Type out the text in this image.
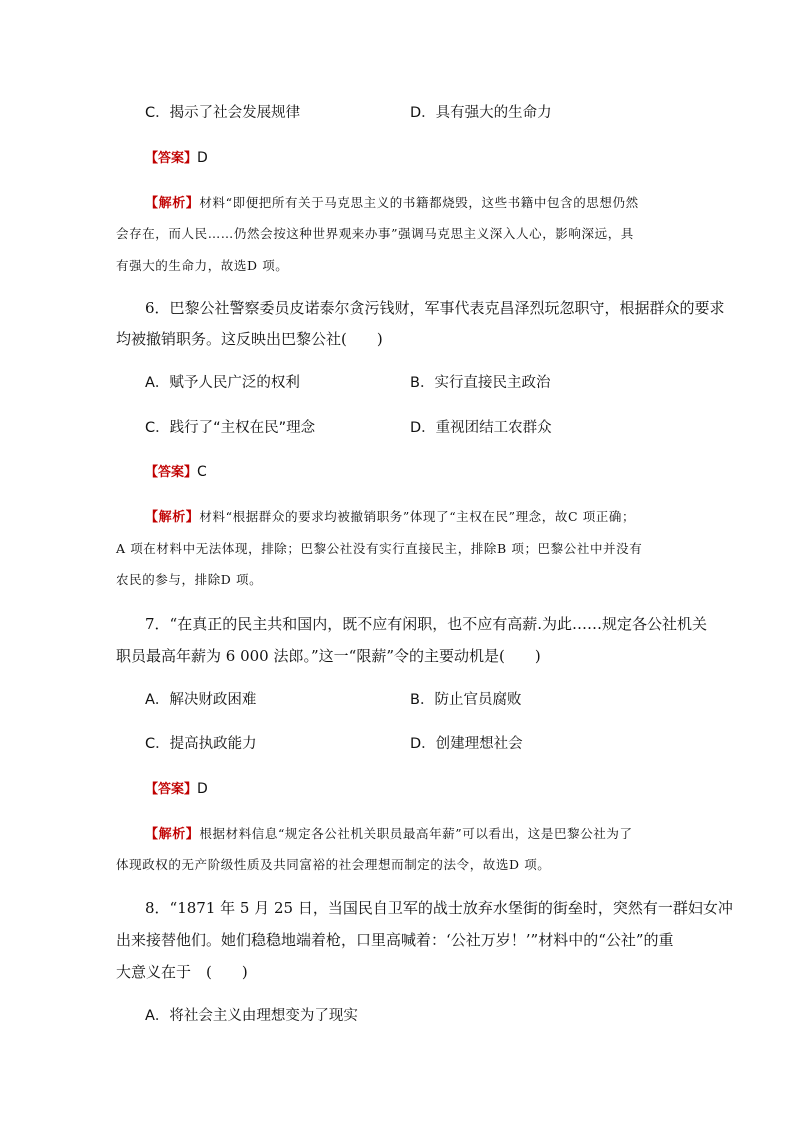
C．揭示了社会发展规律	D．具有强大的生命力
【答案】D
【解析】材料“即便把所有关于马克思主义的书籍都烧毁，这些书籍中包含的思想仍然
会存在，而人民……仍然会按这种世界观来办事”强调马克思主义深入人心，影响深远，具
有强大的生命力，故选D 项。
6．巴黎公社警察委员皮诺泰尔贪污钱财，军事代表克昌泽烈玩忽职守，根据群众的要求
均被撤销职务。这反映出巴黎公社(　　)
A．赋予人民广泛的权利	B．实行直接民主政治
C．践行了“主权在民”理念	D．重视团结工农群众
【答案】C
【解析】材料“根据群众的要求均被撤销职务”体现了“主权在民”理念，故C 项正确；
A 项在材料中无法体现，排除；巴黎公社没有实行直接民主，排除B 项；巴黎公社中并没有
农民的参与，排除D 项。
7．“在真正的民主共和国内，既不应有闲职，也不应有高薪.为此……规定各公社机关
职员最高年薪为 6 000 法郎。”这一“限薪”令的主要动机是(　　)
A．解决财政困难	B．防止官员腐败
C．提高执政能力	D．创建理想社会
【答案】D
【解析】根据材料信息“规定各公社机关职员最高年薪”可以看出，这是巴黎公社为了
体现政权的无产阶级性质及共同富裕的社会理想而制定的法令，故选D 项。
8．“1871 年 5 月 25 日，当国民自卫军的战士放弃水堡街的街垒时，突然有一群妇女冲
出来接替他们。她们稳稳地端着枪，口里高喊着：‘公社万岁！’”材料中的“公社”的重
大意义在于　(　　)
A．将社会主义由理想变为了现实
